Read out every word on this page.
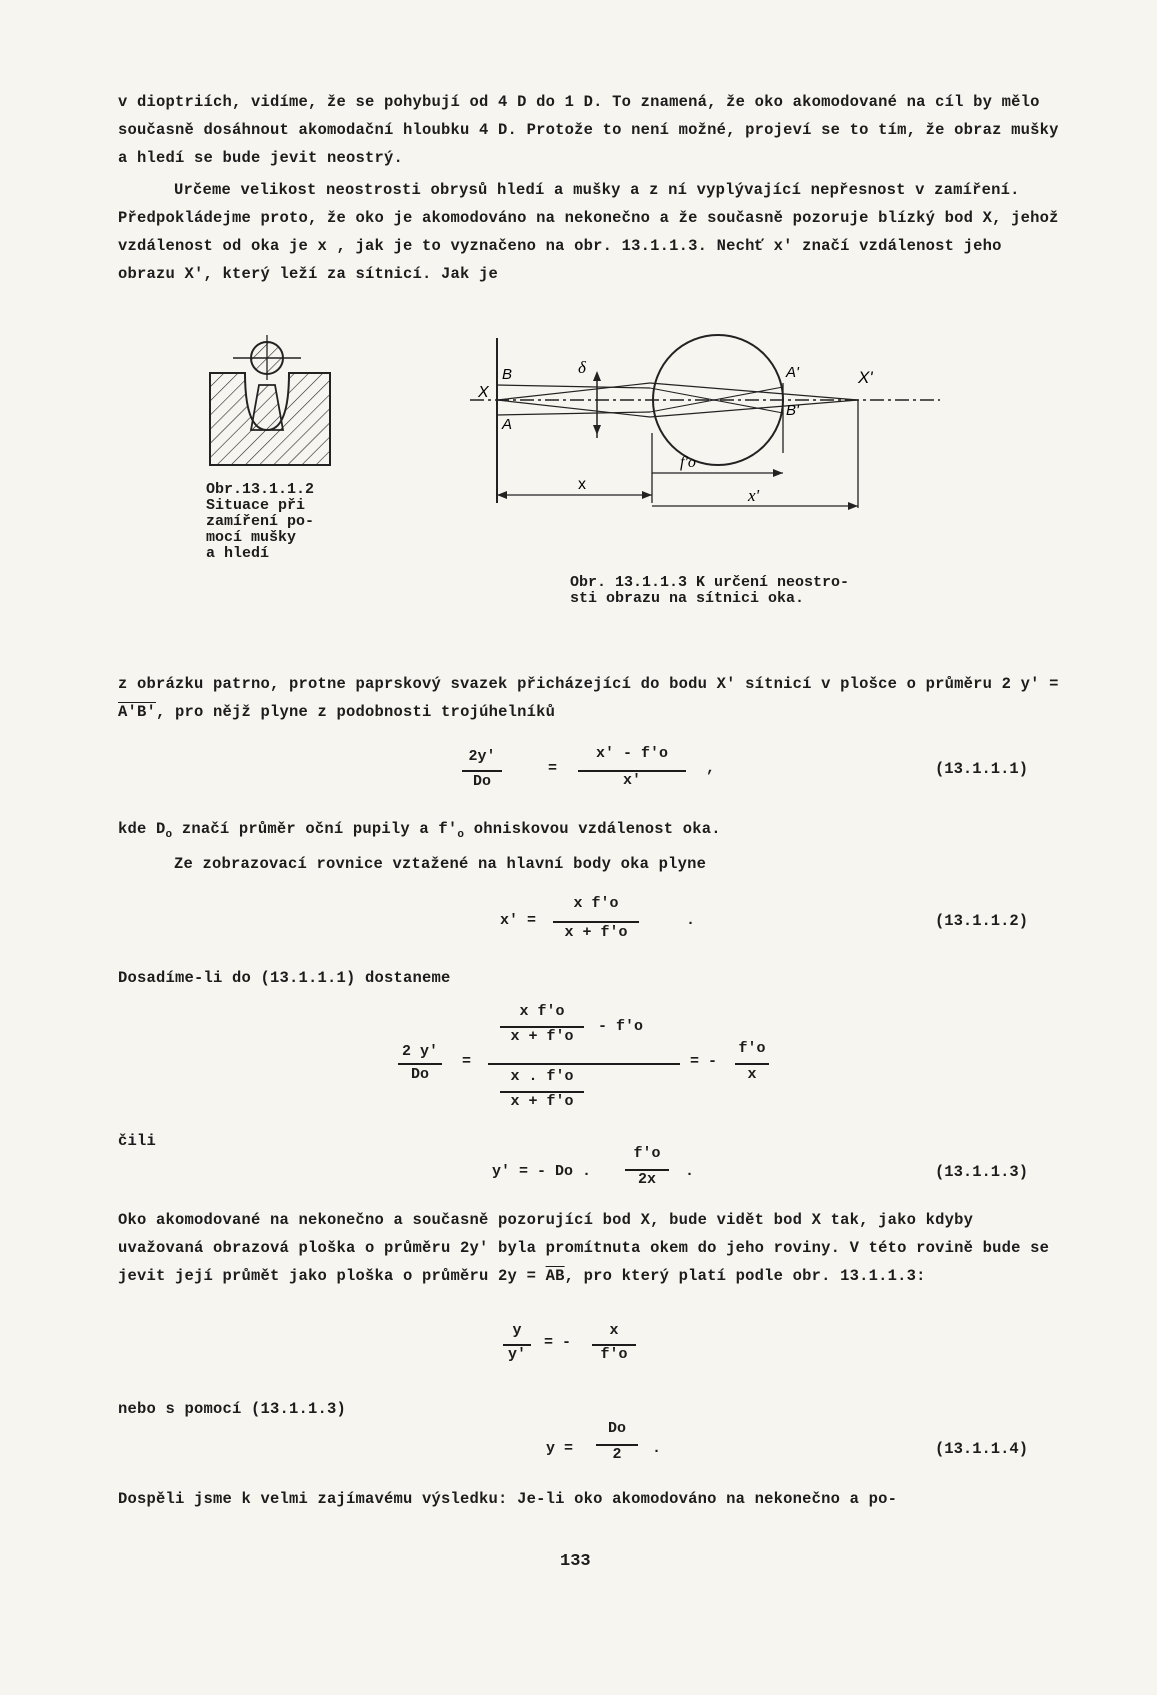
v dioptriích, vidíme, že se pohybují od 4 D do 1 D. To znamená, že oko akomodované na cíl by mělo současně dosáhnout akomodační hloubku 4 D. Protože to není možné, projeví se to tím, že obraz mušky a hledí se bude jevit neostrý.

Určeme velikost neostrosti obrysů hledí a mušky a z ní vyplývající nepřesnost v zamíření. Předpokládejme proto, že oko je akomodováno na nekonečno a že současně pozoruje blízký bod X, jehož vzdálenost od oka je x , jak je to vyznačeno na obr. 13.1.1.3. Nechť x' značí vzdálenost jeho obrazu X', který leží za sítnicí. Jak je

Obr.13.1.1.2
Situace při
zamíření po-
mocí mušky
a hledí
X
B
A
δ	A'
B'
X'
x
f'o
x'
Obr. 13.1.1.3 K určení neostro-
sti obrazu na sítnici oka.

z obrázku patrno, protne paprskový svazek přicházející do bodu X' sítnicí v plošce o průměru 2 y' = A'B', pro nějž plyne z podobnosti trojúhelníků

2y'
Do
=
x' - f'o
x'
,	(13.1.1.1)

kde $D_o$ značí průměr oční pupily a $f'_o$ ohniskovou vzdálenost oka.

Ze zobrazovací rovnice vztažené na hlavní body oka plyne

x' =
x f'o
x + f'o
.	(13.1.1.2)

Dosadíme-li do (13.1.1.1) dostaneme

2 y'
Do
=
x f'o
x + f'o
- f'o
x . f'o
x + f'o
= -
f'o
x

čili

y' = - Do .
f'o
2x	.	(13.1.1.3)

Oko akomodované na nekonečno a současně pozorující bod X, bude vidět bod X tak, jako kdyby uvažovaná obrazová ploška o průměru 2y' byla promítnuta okem do jeho roviny. V této rovině bude se jevit její průmět jako ploška o průměru $2y = \overline{AB}$, pro který platí podle obr. 13.1.1.3:

y
y'
= -
x
f'o

nebo s pomocí (13.1.1.3)

y =
Do
2	.	(13.1.1.4)

Dospěli jsme k velmi zajímavému výsledku: Je-li oko akomodováno na nekonečno a po-

133
